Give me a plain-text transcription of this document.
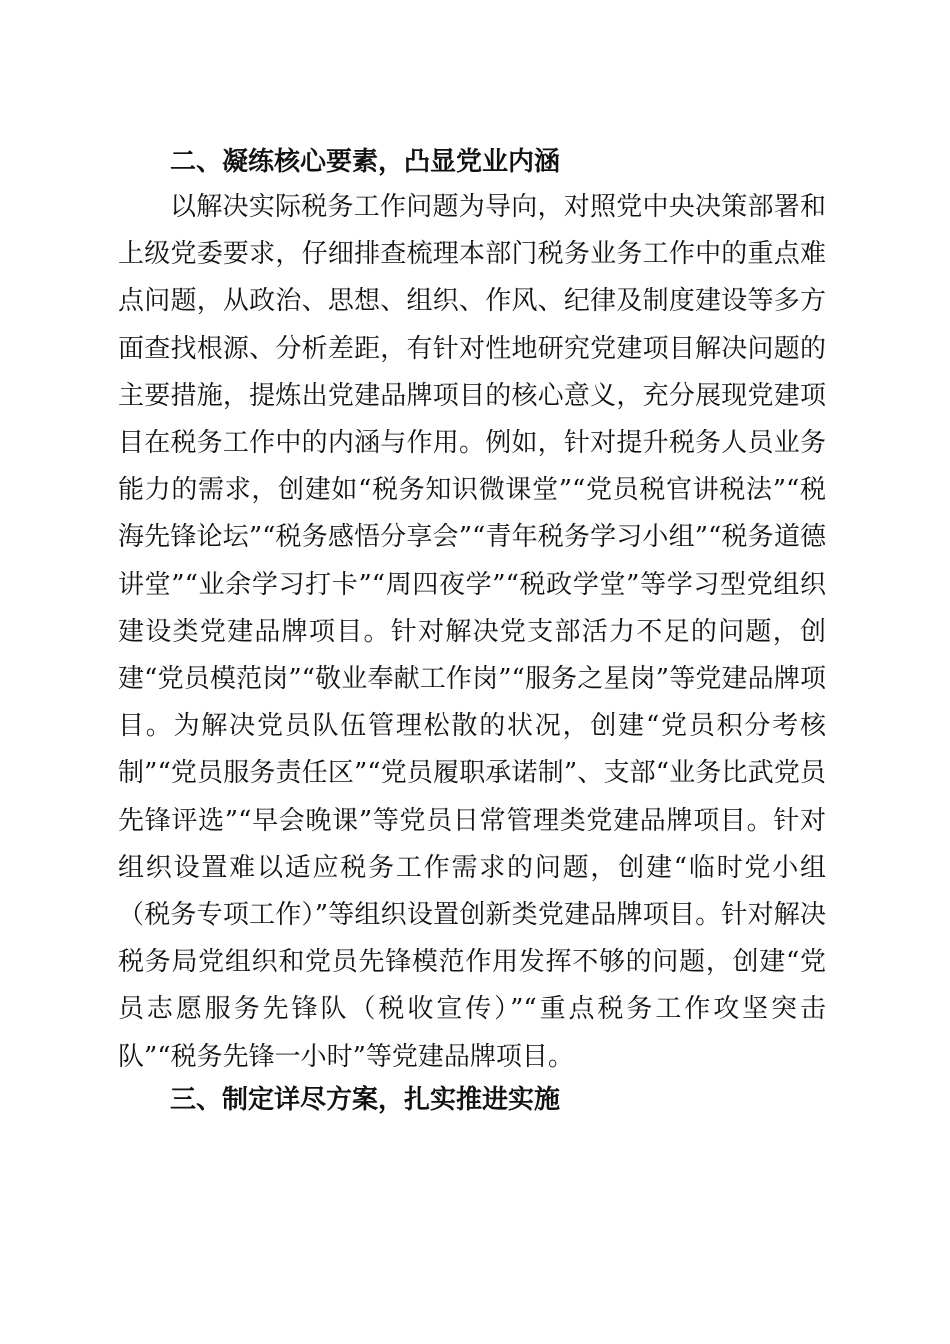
二、凝练核心要素，凸显党业内涵

以解决实际税务工作问题为导向，对照党中央决策部署和上级党委要求，仔细排查梳理本部门税务业务工作中的重点难点问题，从政治、思想、组织、作风、纪律及制度建设等多方面查找根源、分析差距，有针对性地研究党建项目解决问题的主要措施，提炼出党建品牌项目的核心意义，充分展现党建项目在税务工作中的内涵与作用。例如，针对提升税务人员业务能力的需求，创建如“税务知识微课堂”“党员税官讲税法”“税海先锋论坛”“税务感悟分享会”“青年税务学习小组”“税务道德讲堂”“业余学习打卡”“周四夜学”“税政学堂”等学习型党组织建设类党建品牌项目。针对解决党支部活力不足的问题，创建“党员模范岗”“敬业奉献工作岗”“服务之星岗”等党建品牌项目。为解决党员队伍管理松散的状况，创建“党员积分考核制”“党员服务责任区”“党员履职承诺制”、支部“业务比武党员先锋评选”“早会晚课”等党员日常管理类党建品牌项目。针对组织设置难以适应税务工作需求的问题，创建“临时党小组（税务专项工作）”等组织设置创新类党建品牌项目。针对解决税务局党组织和党员先锋模范作用发挥不够的问题，创建“党员志愿服务先锋队（税收宣传）”“重点税务工作攻坚突击队”“税务先锋一小时”等党建品牌项目。

三、制定详尽方案，扎实推进实施
